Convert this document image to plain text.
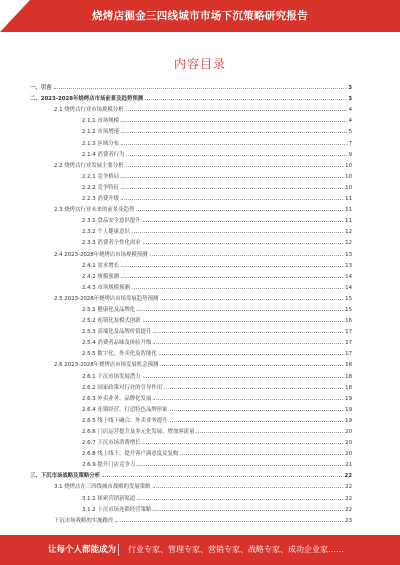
烧烤店掘金三四线城市市场下沉策略研究报告
内容目录
一、引言	3
二、2023-2028年烧烤店市场前景及趋势预测	3
2.1 烧烤店行业市场规模分析	4
2.1.1 市场规模	4
2.1.2 市场增速	5
2.1.3 区域分布	7
2.1.4 消费者行为	9
2.2 烧烤店行业发展主要分析	10
2.2.1 竞争格局	10
2.2.2 竞争特征	10
2.2.3 消费升级	11
2.3 烧烤店行业未来的前景及趋势	11
2.3.1 食品安全意识提升	11
2.3.2 个人健康意识	12
2.3.3 消费者个性化需求	12
2.4 2023-2028年烧烤店市场规模预测	13
2.4.1 需求增长	13
2.4.2 规模预测	14
2.4.3 市场规模预测	14
2.5 2023-2028年烧烤店市场发展趋势预测	15
2.5.1 健康化及品牌化	15
2.5.2 连锁化及模式创新	16
2.5.3 高端化及品牌价值提升	17
2.5.4 消费者品味及体验升级	17
2.5.5 数字化、外卖化及智能化	17
2.6 2023-2028年烧烤店市场发展机会预测	18
2.6.1 下沉市场发展潜力	18
2.6.2 国家政策对行业的引导作用	18
2.6.3 外卖业务、品牌化发展	19
2.6.4 连锁经营、打造特色品牌形象	19
2.6.5 线上线下融合、外卖业务提升	19
2.6.6 门店运营提升及多元化发展、增加客流量	20
2.6.7 下沉市场消费增长	20
2.6.8 线上线下、提升客户满意度及复购	20
2.6.9 提升门店竞争力	21
三、下沉市场战略及策略分析	22
3.1 烧烤店在三四线城市战略的发展策略	22
3.1.1 探索营销新渠道	22
3.1.2 下沉市场连锁经营策略	22
下沉市场战略的实施路径	23
让每个人都能成为 行业专家、管理专家、营销专家、战略专家、成功企业家……
